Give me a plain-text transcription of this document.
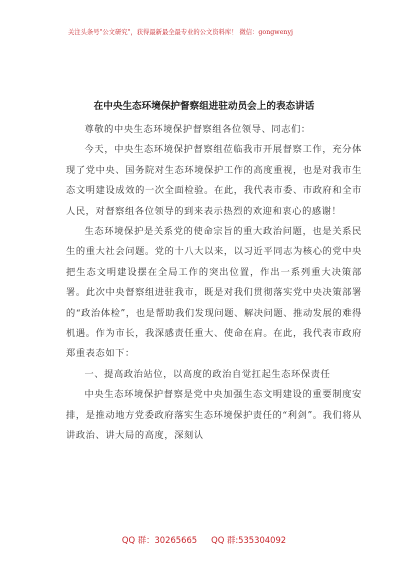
关注头条号"公文研究"，获得最新最全最专业的公文资料库！ 微信：gongwenyj
在中央生态环境保护督察组进驻动员会上的表态讲话

尊敬的中央生态环境保护督察组各位领导、同志们：

今天，中央生态环境保护督察组莅临我市开展督察工作，充分体现了党中央、国务院对生态环境保护工作的高度重视，也是对我市生态文明建设成效的一次全面检验。在此，我代表市委、市政府和全市人民，对督察组各位领导的到来表示热烈的欢迎和衷心的感谢！

生态环境保护是关系党的使命宗旨的重大政治问题，也是关系民生的重大社会问题。党的十八大以来，以习近平同志为核心的党中央把生态文明建设摆在全局工作的突出位置，作出一系列重大决策部署。此次中央督察组进驻我市，既是对我们贯彻落实党中央决策部署的“政治体检”，也是帮助我们发现问题、解决问题、推动发展的难得机遇。作为市长，我深感责任重大、使命在肩。在此，我代表市政府郑重表态如下：

一、提高政治站位，以高度的政治自觉扛起生态环保责任

中央生态环境保护督察是党中央加强生态文明建设的重要制度安排，是推动地方党委政府落实生态环境保护责任的“利剑”。我们将从讲政治、讲大局的高度，深刻认

QQ 群：30265665 QQ 群:535304092
